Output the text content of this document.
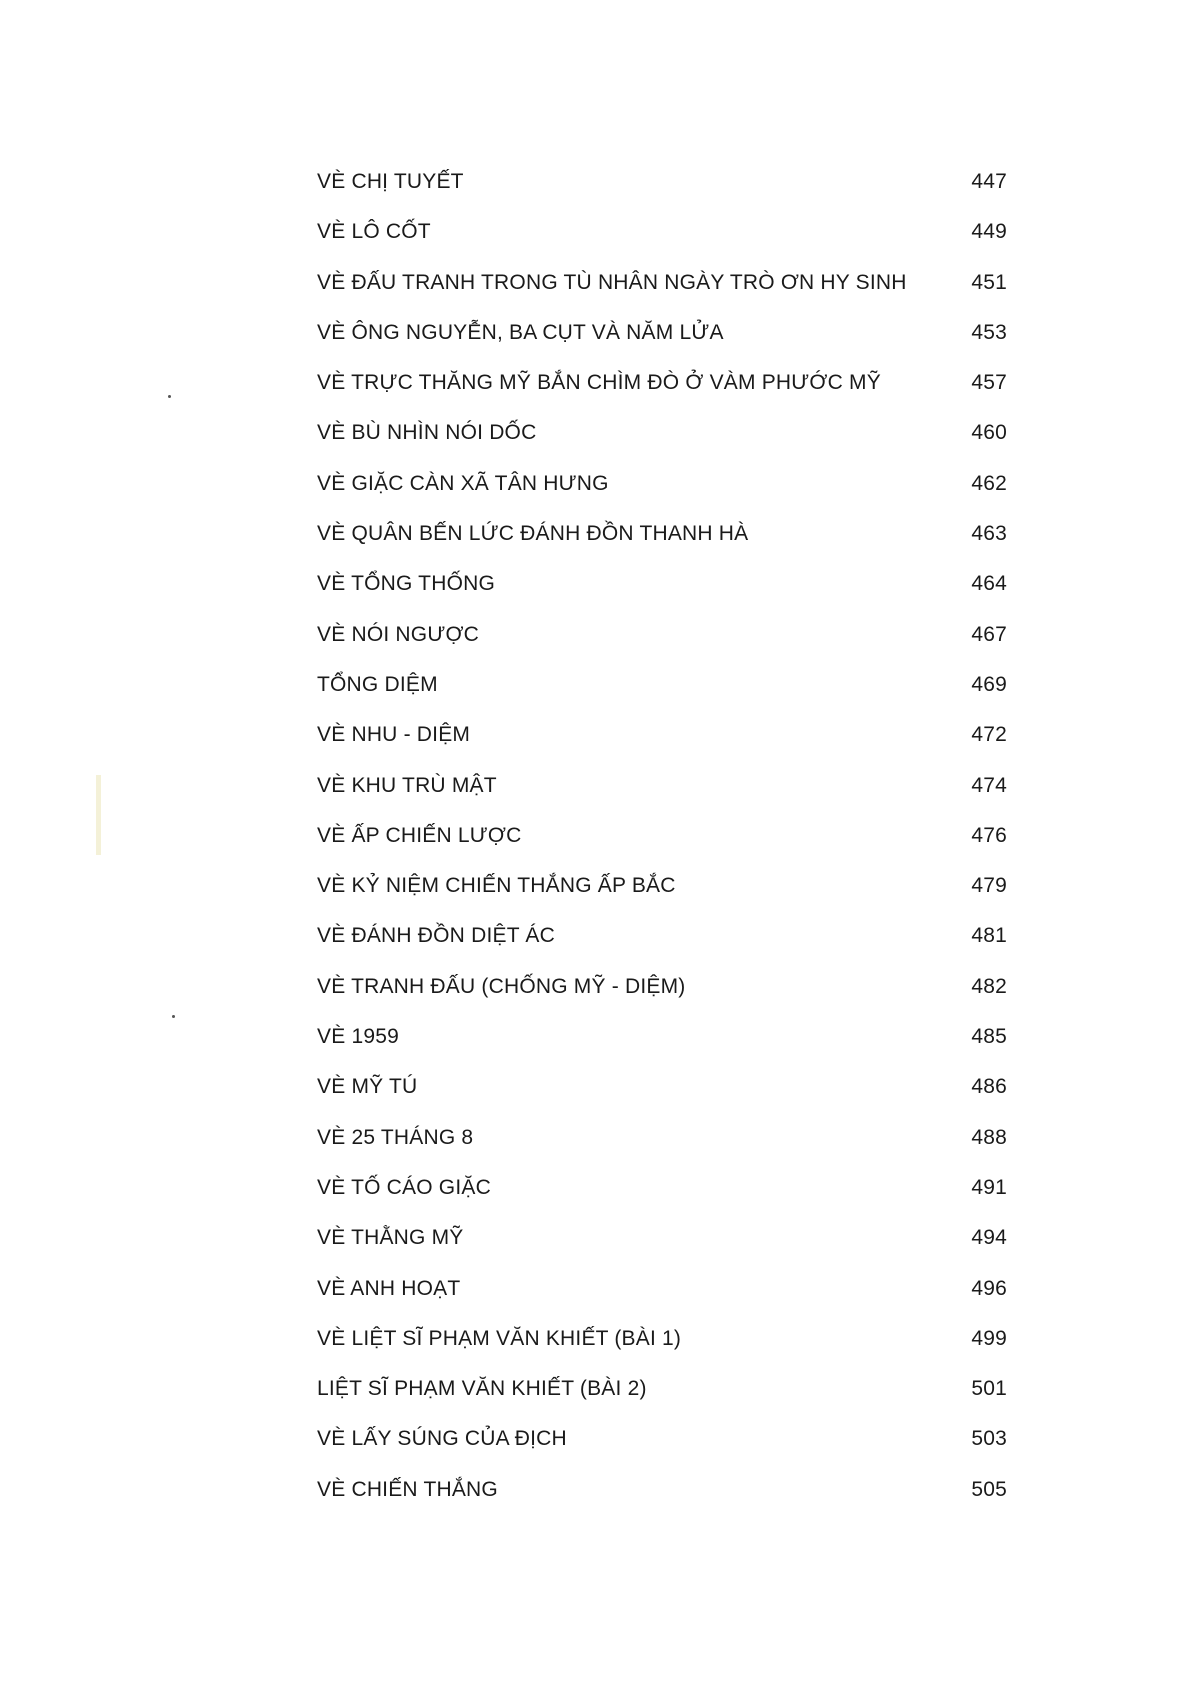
VÈ CHỊ TUYẾT	447
VÈ LÔ CỐT	449
VÈ ĐẤU TRANH TRONG TÙ NHÂN NGÀY TRÒ ƠN HY SINH	451
VÈ ÔNG NGUYỄN, BA CỤT VÀ NĂM LỬA	453
VÈ TRỰC THĂNG MỸ BẮN CHÌM ĐÒ Ở VÀM PHƯỚC MỸ	457
VÈ BÙ NHÌN NÓI DỐC	460
VÈ GIẶC CÀN XÃ TÂN HƯNG	462
VÈ QUÂN BẾN LỨC ĐÁNH ĐỒN THANH HÀ	463
VÈ TỔNG THỐNG	464
VÈ NÓI NGƯỢC	467
TỔNG DIỆM	469
VÈ NHU - DIỆM	472
VÈ KHU TRÙ MẬT	474
VÈ ẤP CHIẾN LƯỢC	476
VÈ KỶ NIỆM CHIẾN THẮNG ẤP BẮC	479
VÈ ĐÁNH ĐỒN DIỆT ÁC	481
VÈ TRANH ĐẤU (CHỐNG MỸ - DIỆM)	482
VÈ 1959	485
VÈ MỸ TÚ	486
VÈ 25 THÁNG 8	488
VÈ TỐ CÁO GIẶC	491
VÈ THẰNG MỸ	494
VÈ ANH HOẠT	496
VÈ LIỆT SĨ PHẠM VĂN KHIẾT (BÀI 1)	499
LIỆT SĨ PHẠM VĂN KHIẾT (BÀI 2)	501
VÈ LẤY SÚNG CỦA ĐỊCH	503
VÈ CHIẾN THẮNG	505
